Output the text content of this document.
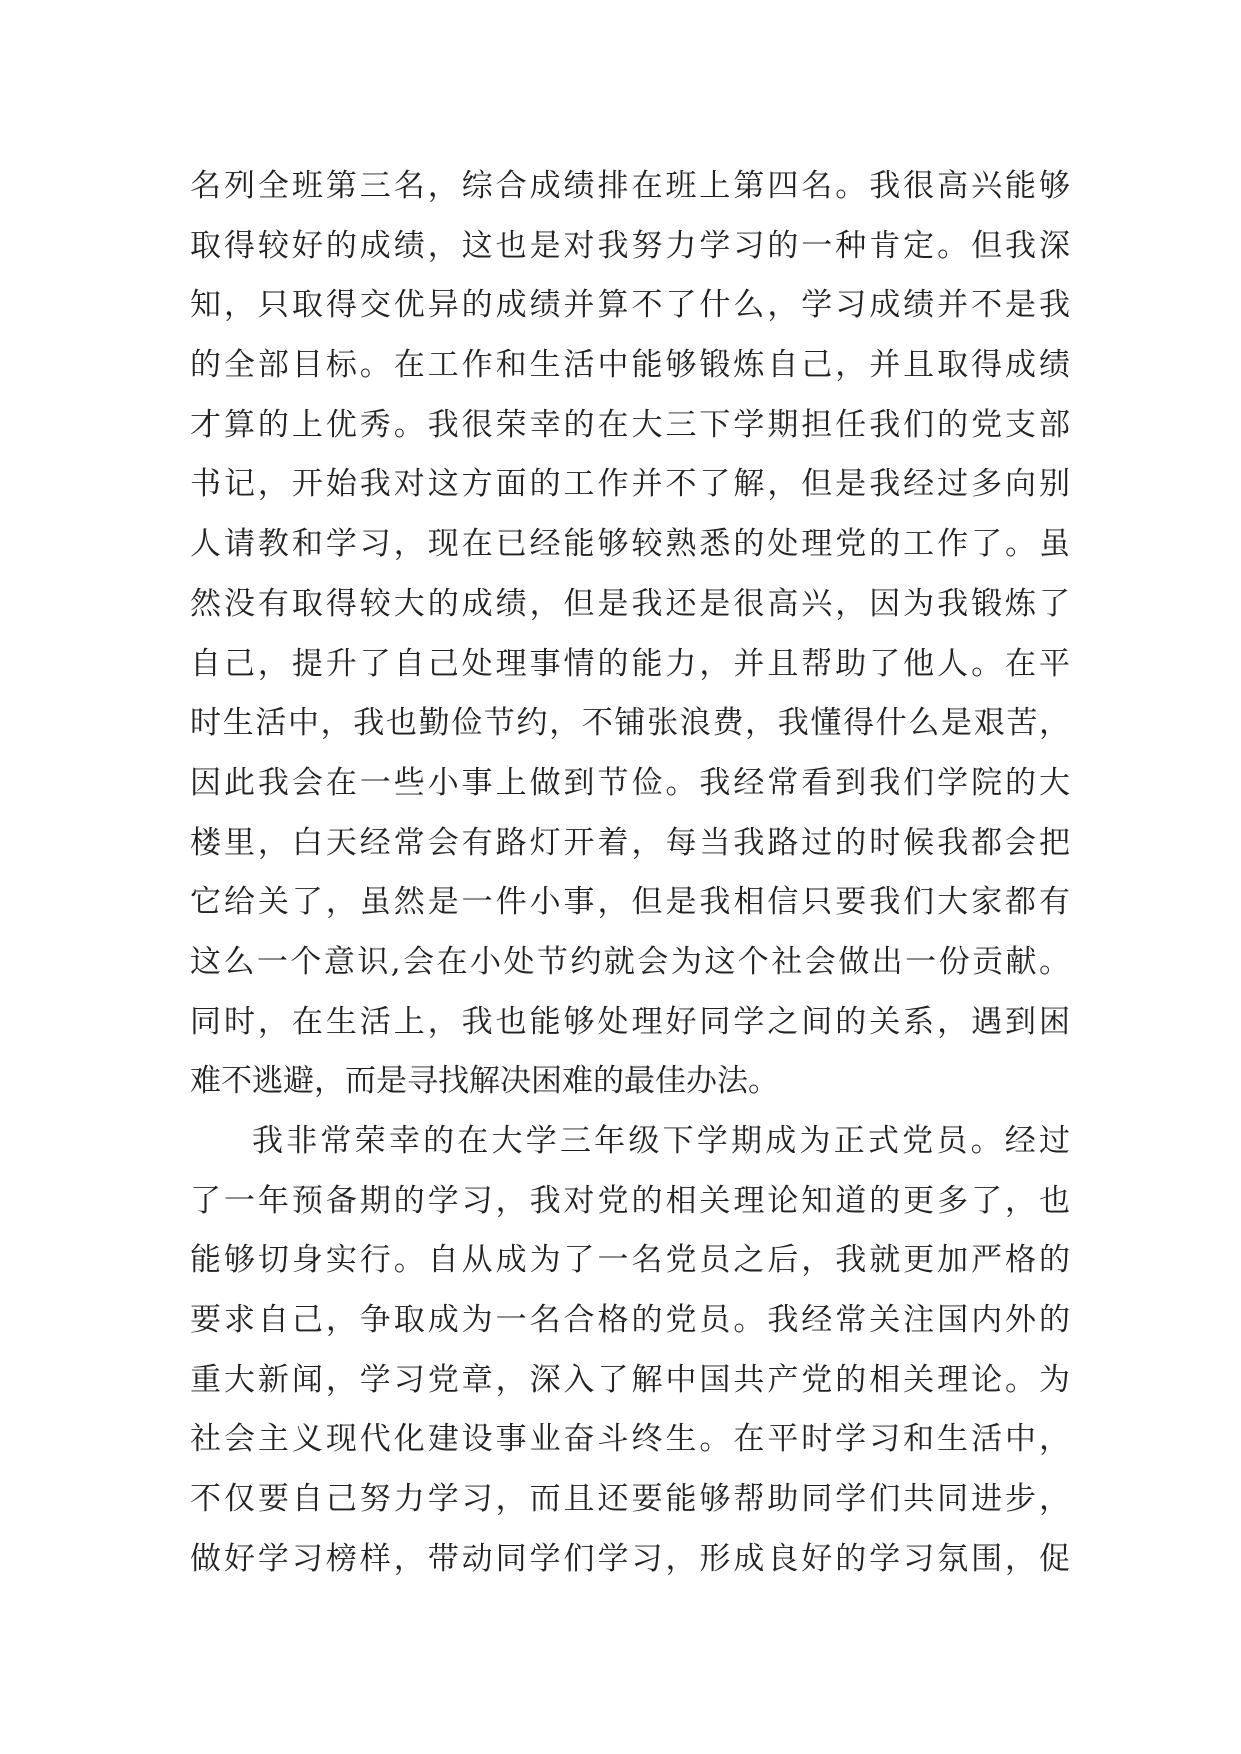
名列全班第三名，综合成绩排在班上第四名。我很高兴能够
取得较好的成绩，这也是对我努力学习的一种肯定。但我深
知，只取得交优异的成绩并算不了什么，学习成绩并不是我
的全部目标。在工作和生活中能够锻炼自己，并且取得成绩
才算的上优秀。我很荣幸的在大三下学期担任我们的党支部
书记，开始我对这方面的工作并不了解，但是我经过多向别
人请教和学习，现在已经能够较熟悉的处理党的工作了。虽
然没有取得较大的成绩，但是我还是很高兴，因为我锻炼了
自己，提升了自己处理事情的能力，并且帮助了他人。在平
时生活中，我也勤俭节约，不铺张浪费，我懂得什么是艰苦，
因此我会在一些小事上做到节俭。我经常看到我们学院的大
楼里，白天经常会有路灯开着，每当我路过的时候我都会把
它给关了，虽然是一件小事，但是我相信只要我们大家都有
这么一个意识,会在小处节约就会为这个社会做出一份贡献。
同时，在生活上，我也能够处理好同学之间的关系，遇到困
难不逃避，而是寻找解决困难的最佳办法。
我非常荣幸的在大学三年级下学期成为正式党员。经过
了一年预备期的学习，我对党的相关理论知道的更多了，也
能够切身实行。自从成为了一名党员之后，我就更加严格的
要求自己，争取成为一名合格的党员。我经常关注国内外的
重大新闻，学习党章，深入了解中国共产党的相关理论。为
社会主义现代化建设事业奋斗终生。在平时学习和生活中，
不仅要自己努力学习，而且还要能够帮助同学们共同进步，
做好学习榜样，带动同学们学习，形成良好的学习氛围，促
